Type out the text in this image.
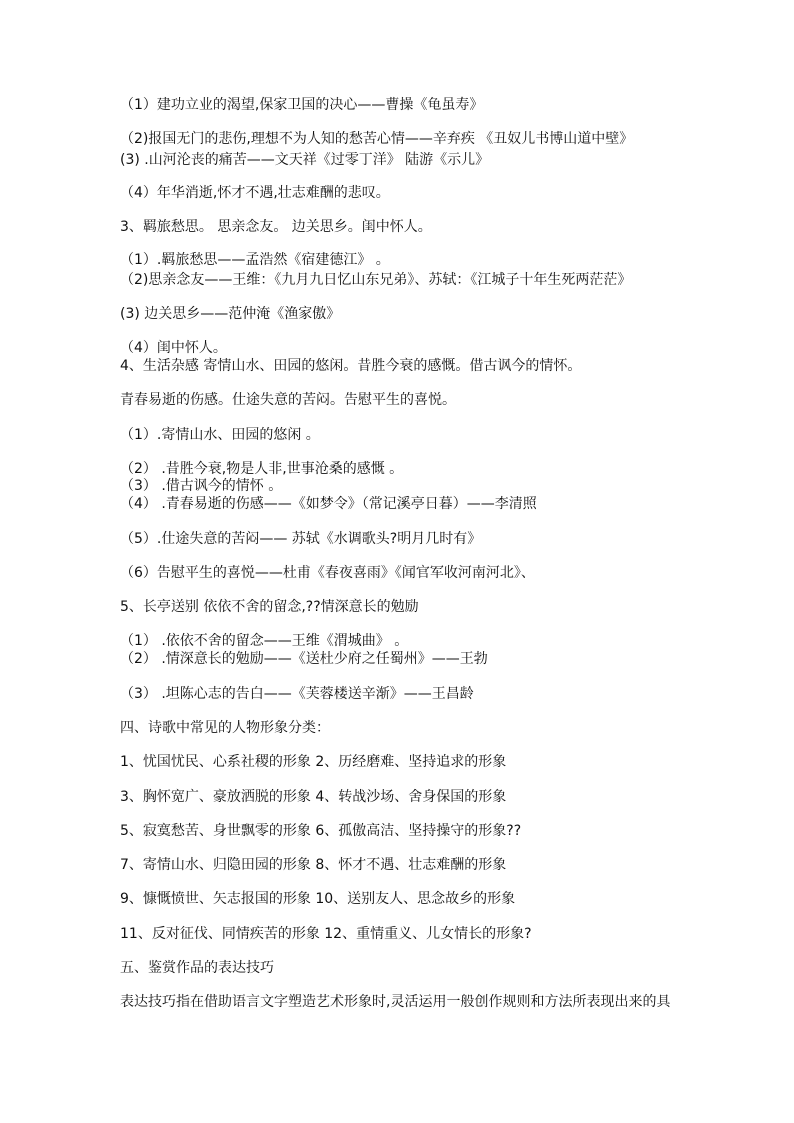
（1）建功立业的渴望,保家卫国的决心——曹操《龟虽寿》
（2)报国无门的悲伤,理想不为人知的愁苦心情——辛弃疾 《丑奴儿书博山道中壁》
(3) .山河沦丧的痛苦——文天祥《过零丁洋》 陆游《示儿》
（4）年华消逝,怀才不遇,壮志难酬的悲叹。
3、羁旅愁思。 思亲念友。 边关思乡。闺中怀人。
（1）.羁旅愁思——孟浩然《宿建德江》 。
（2)思亲念友——王维：《九月九日忆山东兄弟》、苏轼：《江城子十年生死两茫茫》
(3) 边关思乡——范仲淹《渔家傲》
（4）闺中怀人。
4、生活杂感 寄情山水、田园的悠闲。昔胜今衰的感慨。借古讽今的情怀。
青春易逝的伤感。仕途失意的苦闷。告慰平生的喜悦。
（1）.寄情山水、田园的悠闲 。
（2） .昔胜今衰,物是人非,世事沧桑的感慨 。
（3） .借古讽今的情怀 。
（4） .青春易逝的伤感——《如梦令》（常记溪亭日暮）——李清照
（5）.仕途失意的苦闷—— 苏轼《水调歌头?明月几时有》
（6）告慰平生的喜悦——杜甫《春夜喜雨》《闻官军收河南河北》、
5、长亭送别 依依不舍的留念,??情深意长的勉励
（1） .依依不舍的留念——王维《渭城曲》 。
（2） .情深意长的勉励——《送杜少府之任蜀州》——王勃
（3） .坦陈心志的告白——《芙蓉楼送辛渐》——王昌龄
四、诗歌中常见的人物形象分类：
1、忧国忧民、心系社稷的形象 2、历经磨难、坚持追求的形象
3、胸怀宽广、豪放洒脱的形象 4、转战沙场、舍身保国的形象
5、寂寞愁苦、身世飘零的形象 6、孤傲高洁、坚持操守的形象??
7、寄情山水、归隐田园的形象 8、怀才不遇、壮志难酬的形象
9、慷慨愤世、矢志报国的形象 10、送别友人、思念故乡的形象
11、反对征伐、同情疾苦的形象 12、重情重义、儿女情长的形象?
五、鉴赏作品的表达技巧
表达技巧指在借助语言文字塑造艺术形象时,灵活运用一般创作规则和方法所表现出来的具
